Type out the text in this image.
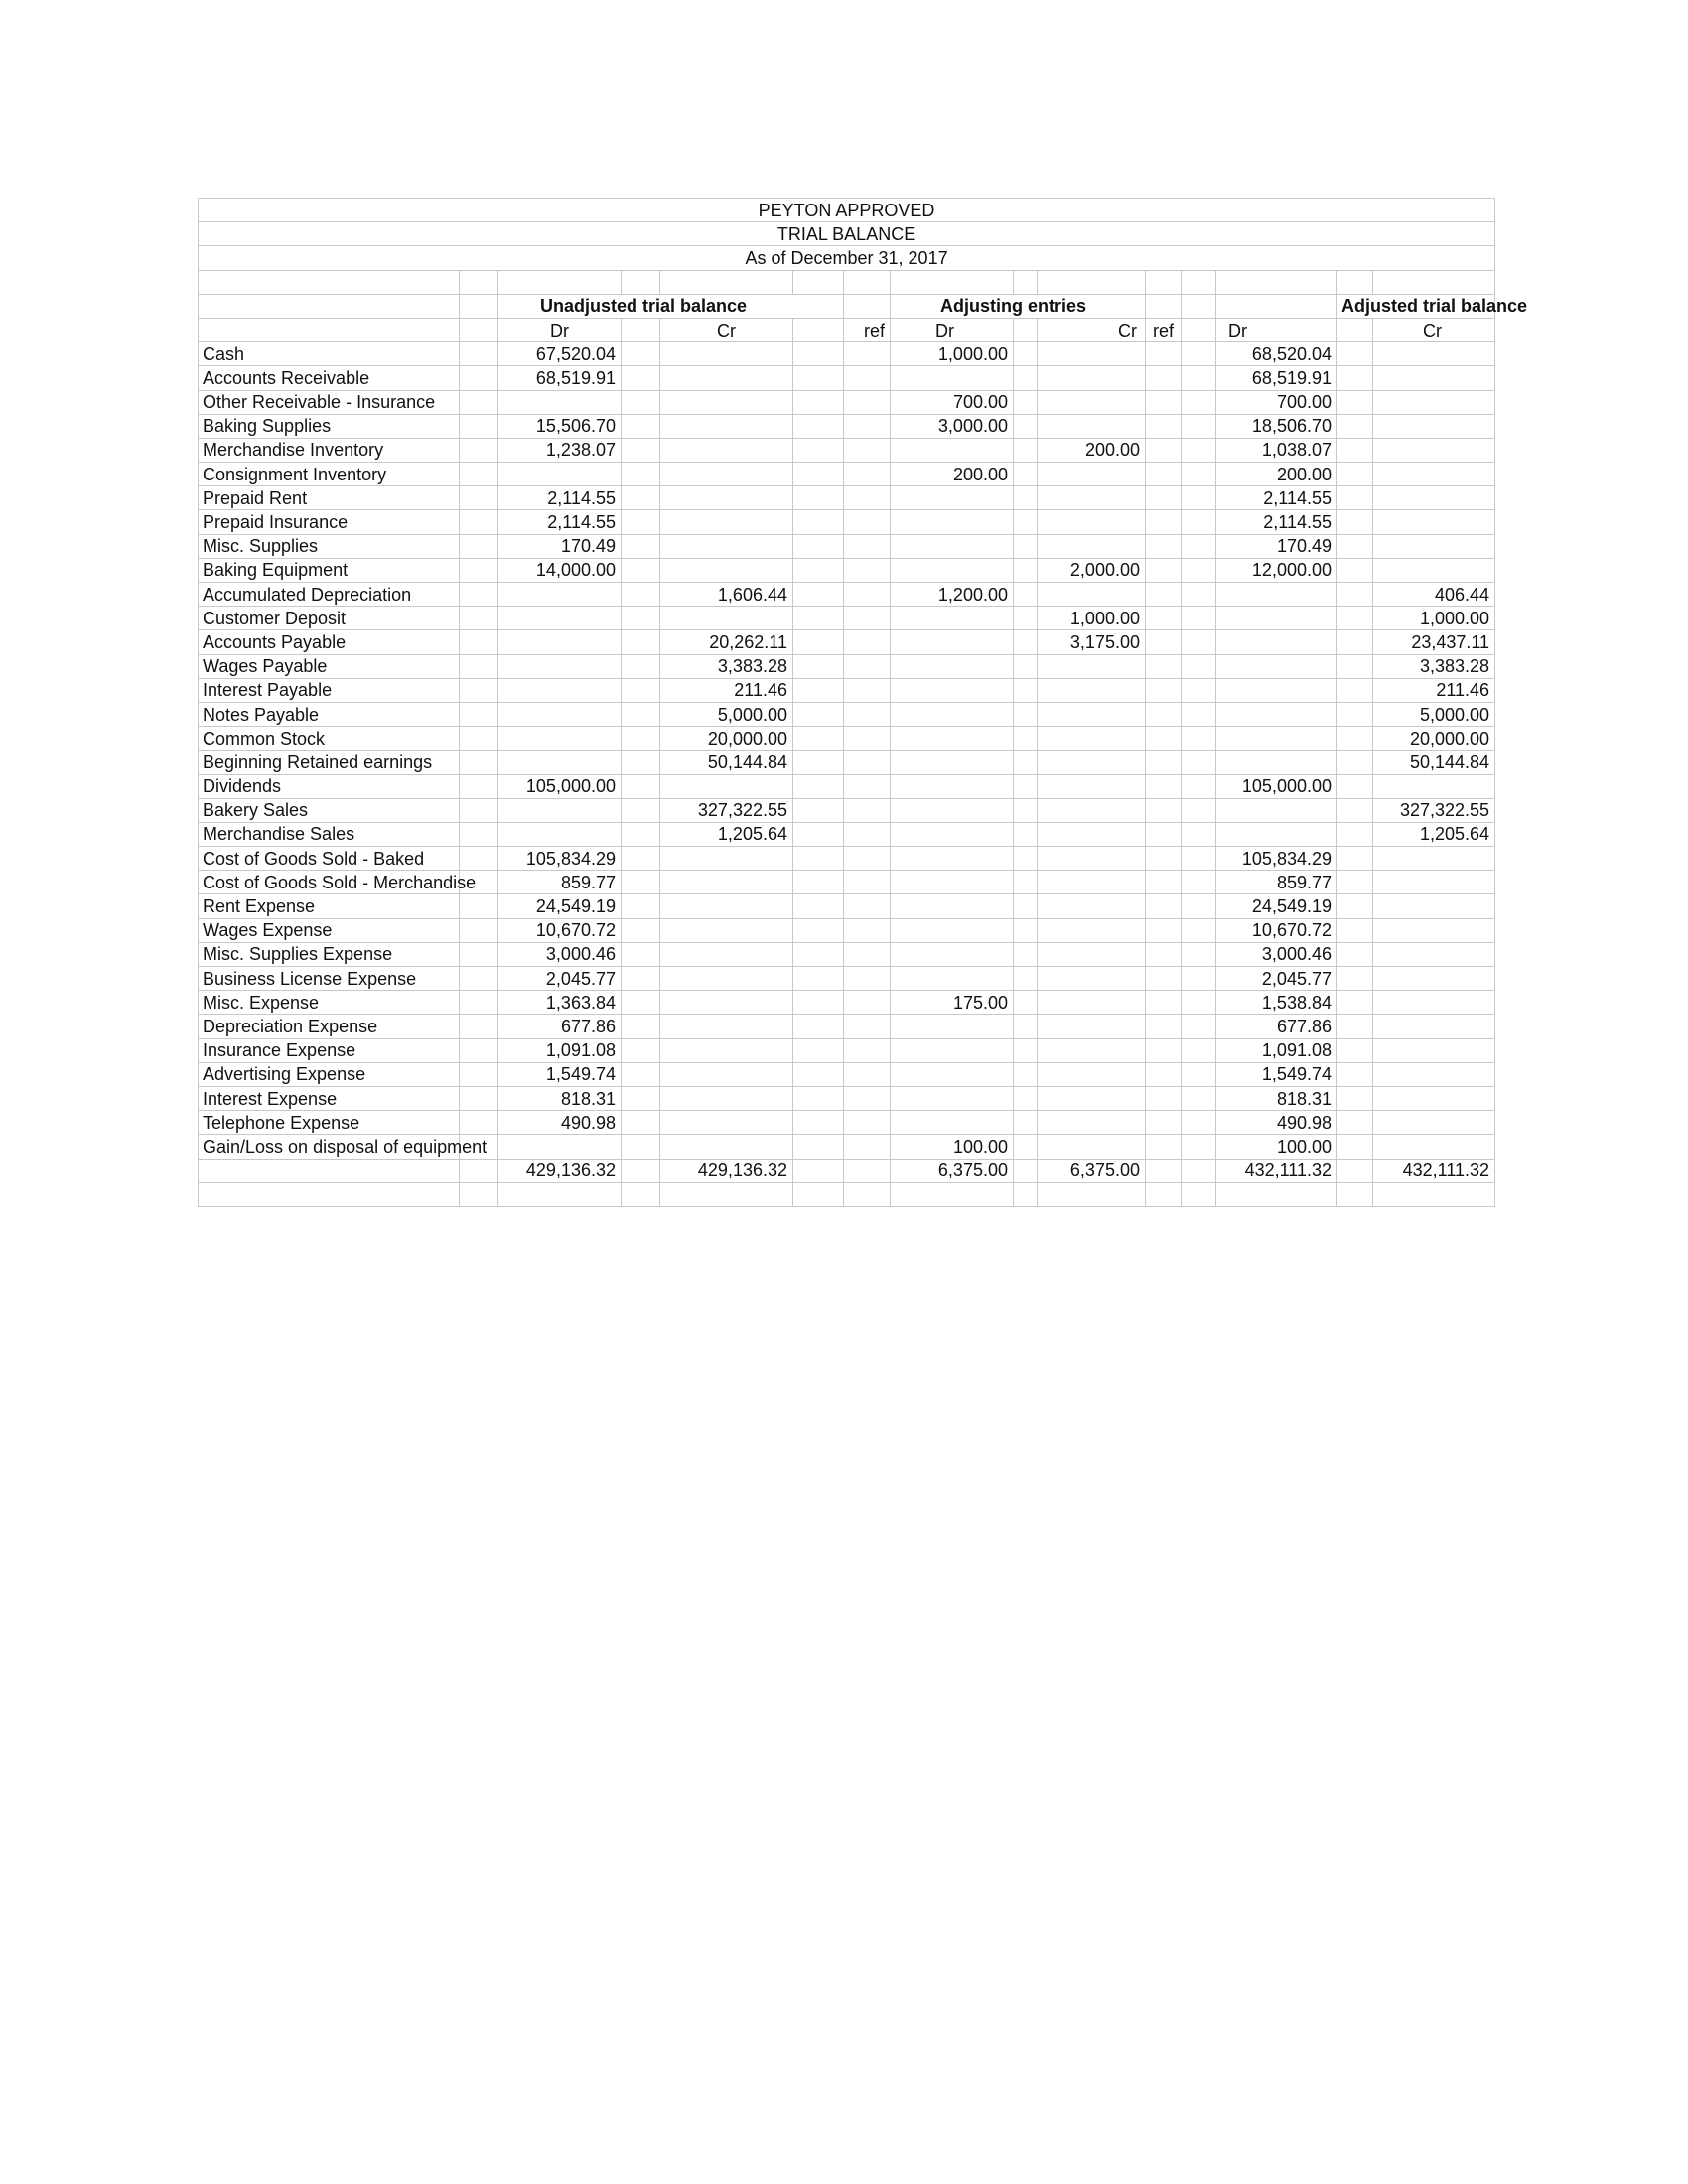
PEYTON APPROVED														
TRIAL BALANCE														
As of December 31, 2017														

		Unadjusted trial balance					Adjusting entries						Adjusted trial balance	
		Dr		Cr		ref	Dr		Cr	ref		Dr		Cr
Cash		67,520.04					1,000.00					68,520.04		
Accounts Receivable		68,519.91										68,519.91		
Other Receivable - Insurance							700.00					700.00		
Baking Supplies		15,506.70					3,000.00					18,506.70		
Merchandise Inventory		1,238.07							200.00			1,038.07		
Consignment Inventory							200.00					200.00		
Prepaid Rent		2,114.55										2,114.55		
Prepaid Insurance		2,114.55										2,114.55		
Misc. Supplies		170.49										170.49		
Baking Equipment		14,000.00							2,000.00			12,000.00		
Accumulated Depreciation				1,606.44			1,200.00							406.44
Customer Deposit									1,000.00					1,000.00
Accounts Payable				20,262.11					3,175.00					23,437.11
Wages Payable				3,383.28										3,383.28
Interest Payable				211.46										211.46
Notes Payable				5,000.00										5,000.00
Common Stock				20,000.00										20,000.00
Beginning Retained earnings				50,144.84										50,144.84
Dividends		105,000.00										105,000.00		
Bakery Sales				327,322.55										327,322.55
Merchandise Sales				1,205.64										1,205.64
Cost of Goods Sold - Baked		105,834.29										105,834.29		
Cost of Goods Sold - Merchandise		859.77										859.77		
Rent Expense		24,549.19										24,549.19		
Wages Expense		10,670.72										10,670.72		
Misc. Supplies Expense		3,000.46										3,000.46		
Business License Expense		2,045.77										2,045.77		
Misc. Expense		1,363.84					175.00					1,538.84		
Depreciation Expense		677.86										677.86		
Insurance Expense		1,091.08										1,091.08		
Advertising Expense		1,549.74										1,549.74		
Interest Expense		818.31										818.31		
Telephone Expense		490.98										490.98		
Gain/Loss on disposal of equipment							100.00					100.00		
		429,136.32		429,136.32			6,375.00		6,375.00			432,111.32		432,111.32
